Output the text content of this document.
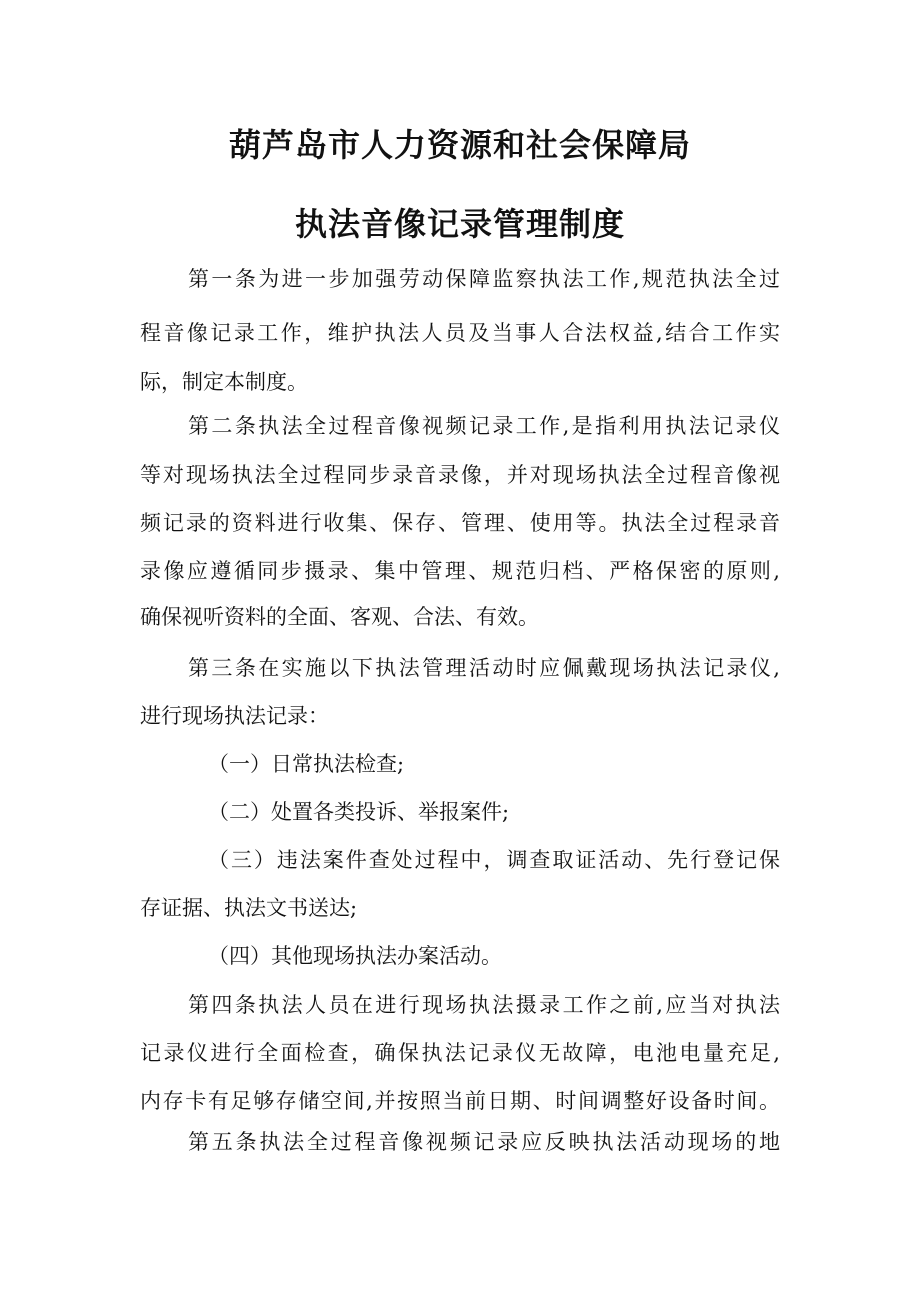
葫芦岛市人力资源和社会保障局
执法音像记录管理制度
第一条为进一步加强劳动保障监察执法工作,规范执法全过
程音像记录工作，维护执法人员及当事人合法权益,结合工作实
际，制定本制度。
第二条执法全过程音像视频记录工作,是指利用执法记录仪
等对现场执法全过程同步录音录像，并对现场执法全过程音像视
频记录的资料进行收集、保存、管理、使用等。执法全过程录音
录像应遵循同步摄录、集中管理、规范归档、严格保密的原则,
确保视听资料的全面、客观、合法、有效。
第三条在实施以下执法管理活动时应佩戴现场执法记录仪,
进行现场执法记录：
（一）日常执法检查;
（二）处置各类投诉、举报案件;
（三）违法案件查处过程中，调查取证活动、先行登记保
存证据、执法文书送达;
（四）其他现场执法办案活动。
第四条执法人员在进行现场执法摄录工作之前,应当对执法
记录仪进行全面检查，确保执法记录仪无故障，电池电量充足,
内存卡有足够存储空间,并按照当前日期、时间调整好设备时间。
第五条执法全过程音像视频记录应反映执法活动现场的地
